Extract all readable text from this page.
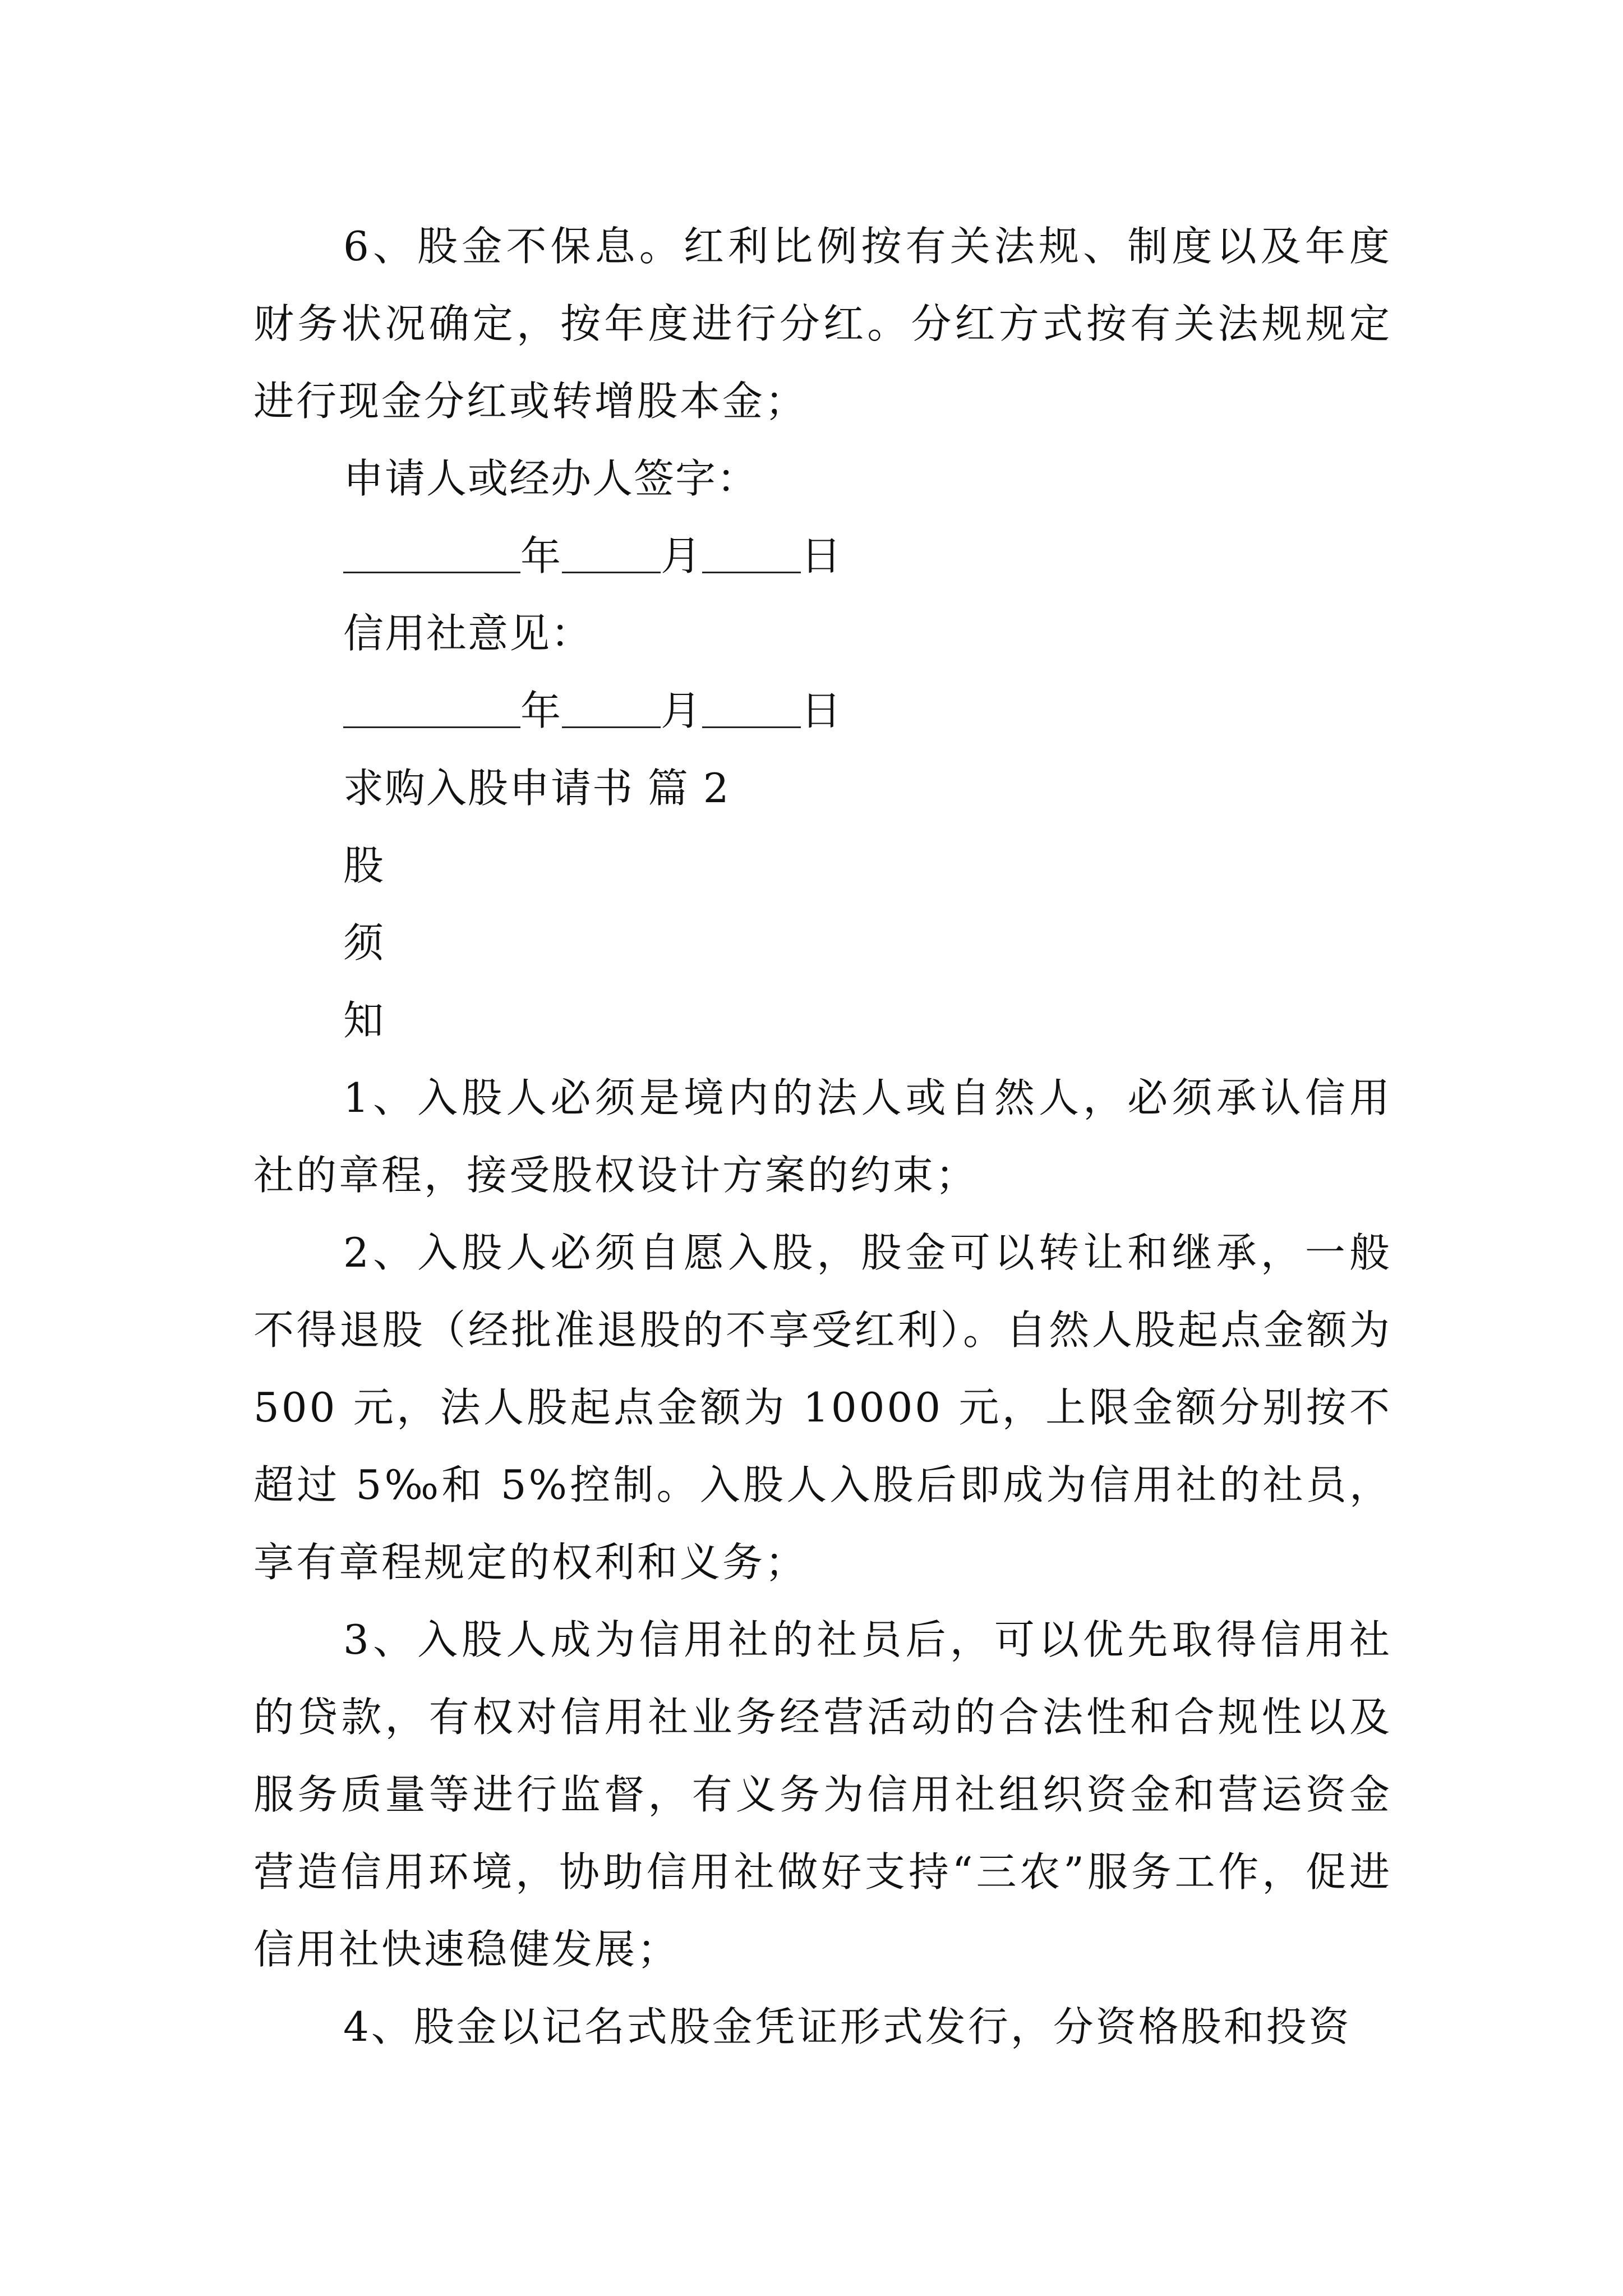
6、股金不保息。红利比例按有关法规、制度以及年度财务状况确定，按年度进行分红。分红方式按有关法规规定进行现金分红或转增股本金；

申请人或经办人签字：
年 月 日
信用社意见：
年 月 日
求购入股申请书 篇 2
股
须
知

1、入股人必须是境内的法人或自然人，必须承认信用社的章程，接受股权设计方案的约束；

2、入股人必须自愿入股，股金可以转让和继承，一般不得退股（经批准退股的不享受红利）。自然人股起点金额为 500 元，法人股起点金额为 10000 元，上限金额分别按不超过 5‰和 5%控制。入股人入股后即成为信用社的社员，享有章程规定的权利和义务；

3、入股人成为信用社的社员后，可以优先取得信用社的贷款，有权对信用社业务经营活动的合法性和合规性以及服务质量等进行监督，有义务为信用社组织资金和营运资金营造信用环境，协助信用社做好支持“三农”服务工作，促进信用社快速稳健发展；

4、股金以记名式股金凭证形式发行，分资格股和投资
